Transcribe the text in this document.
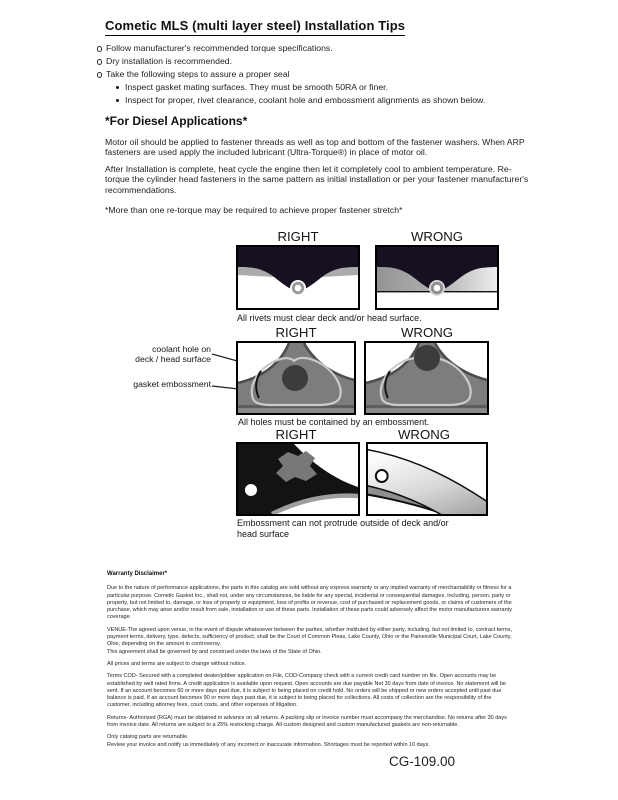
Cometic MLS (multi layer steel) Installation Tips
Follow manufacturer's recommended torque specifications.
Dry installation is recommended.
Take the following steps to assure a proper seal
Inspect gasket mating surfaces. They must be smooth 50RA or finer.
Inspect for proper, rivet clearance, coolant hole and embossment alignments as shown below.
*For Diesel Applications*

Motor oil should be applied to fastener threads as well as top and bottom of the fastener washers. When ARP fasteners are used apply the included lubricant (Ultra-Torque®) in place of motor oil.

After Installation is complete, heat cycle the engine then let it completely cool to ambient temperature. Re-torque the cylinder head fasteners in the same pattern as initial installation or per your fastener manufacturer's recommendations.

*More than one re-torque may be required to achieve proper fastener stretch*

RIGHT	WRONG
All rivets must clear deck and/or head surface.
RIGHT	WRONG
coolant hole on
deck / head surface
gasket embossment
All holes must be contained by an embossment.
RIGHT	WRONG
Embossment can not protrude outside of deck and/or head surface
Warranty Disclaimer*

Due to the nature of performance applications, the parts in this catalog are sold without any express warranty or any implied warranty of merchantability or fitness for a particular purpose. Cometic Gasket Inc., shall not, under any circumstances, be liable for any special, incidental or consequential damages, including, person, party or property, but not limited to, damage, or loss of property or equipment, loss of profits or revenue, cost of purchased or replacement goods, or claims of customers of the purchase, which may arise and/or result from sale, installation or use of these parts. Installation of these parts could adversely affect the motor manufacturers warranty coverage.

VENUE-The agreed upon venue, in the event of dispute whatsoever between the parties, whether instituted by either party, including, but not limited to, contract terms, payment terms, delivery, type, defects, sufficiency of product, shall be the Court of Common Pleas, Lake County, Ohio or the Painesville Municipal Court, Lake County, Ohio, depending on the amount in controversy.

This agreement shall be governed by and construed under the laws of the State of Ohio.

All prices and terms are subject to change without notice.

Terms COD- Secured with a completed dealer/jobber application on File, COD-Company check with a current credit card number on file. Open accounts may be established by well rated firms. A credit application is available upon request. Open accounts are due payable Net 30 days from date of invoice. No statement will be sent. If an account becomes 60 or more days past due, it is subject to being placed on credit hold. No orders will be shipped or new orders accepted until past due balance is paid. If an account becomes 90 or more days past due, it is subject to being placed for collections. All costs of collection are the responsibility of the customer, including attorney fees, court costs, and other expenses of litigation.

Returns- Authorized (RGA) must be obtained in advance on all returns. A packing slip or invoice number must accompany the merchandise. No returns after 30 days from invoice date. All returns are subject to a 25% restocking charge. All custom designed and custom manufactured gaskets are non-returnable.

Only catalog parts are returnable.

Review your invoice and notify us immediately of any incorrect or inaccurate information. Shortages must be reported within 10 days.

CG-109.00
